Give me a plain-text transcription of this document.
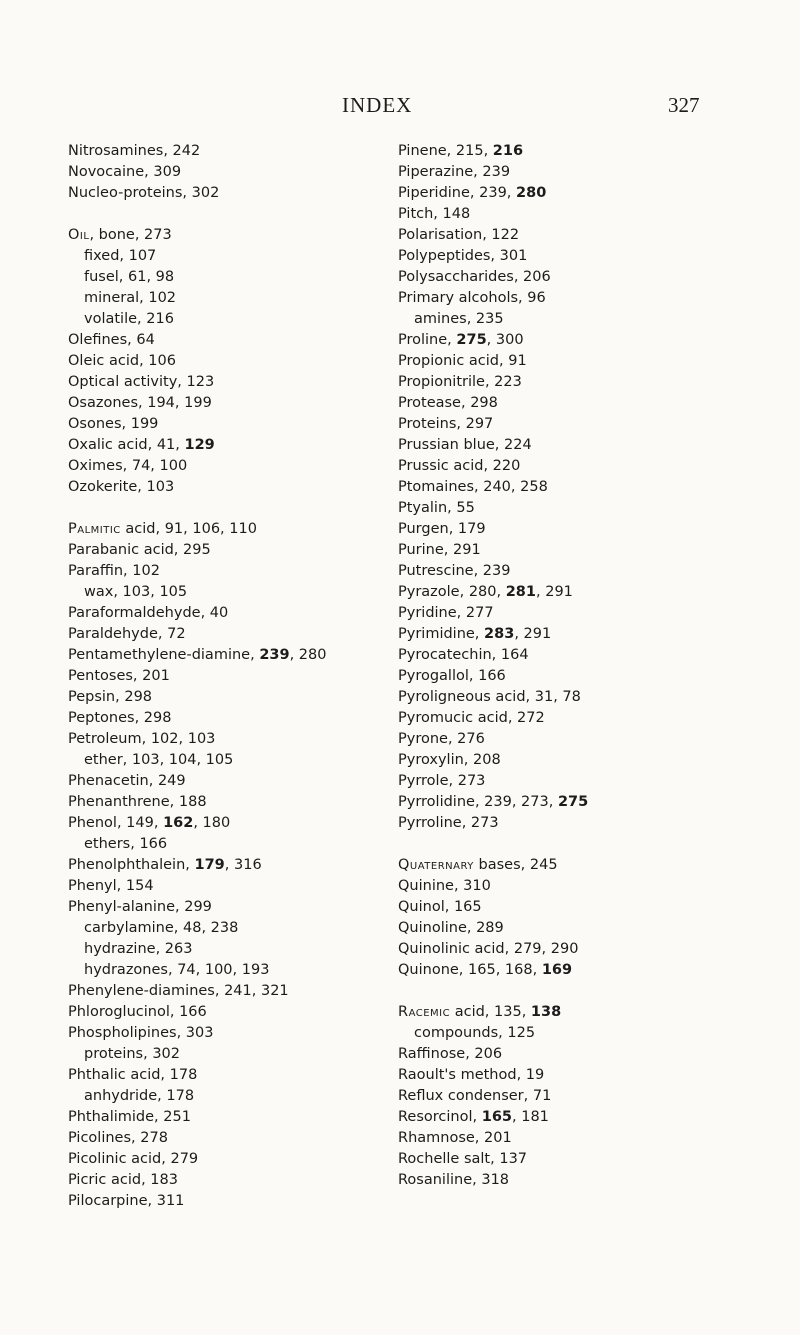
INDEX	327
Nitrosamines, 242
Novocaine, 309
Nucleo-proteins, 302
Oil, bone, 273
fixed, 107
fusel, 61, 98
mineral, 102
volatile, 216
Olefines, 64
Oleic acid, 106
Optical activity, 123
Osazones, 194, 199
Osones, 199
Oxalic acid, 41, 129
Oximes, 74, 100
Ozokerite, 103
Palmitic acid, 91, 106, 110
Parabanic acid, 295
Paraffin, 102
wax, 103, 105
Paraformaldehyde, 40
Paraldehyde, 72
Pentamethylene-diamine, 239, 280
Pentoses, 201
Pepsin, 298
Peptones, 298
Petroleum, 102, 103
ether, 103, 104, 105
Phenacetin, 249
Phenanthrene, 188
Phenol, 149, 162, 180
ethers, 166
Phenolphthalein, 179, 316
Phenyl, 154
Phenyl-alanine, 299
carbylamine, 48, 238
hydrazine, 263
hydrazones, 74, 100, 193
Phenylene-diamines, 241, 321
Phloroglucinol, 166
Phospholipines, 303
proteins, 302
Phthalic acid, 178
anhydride, 178
Phthalimide, 251
Picolines, 278
Picolinic acid, 279
Picric acid, 183
Pilocarpine, 311
Pinene, 215, 216
Piperazine, 239
Piperidine, 239, 280
Pitch, 148
Polarisation, 122
Polypeptides, 301
Polysaccharides, 206
Primary alcohols, 96
amines, 235
Proline, 275, 300
Propionic acid, 91
Propionitrile, 223
Protease, 298
Proteins, 297
Prussian blue, 224
Prussic acid, 220
Ptomaines, 240, 258
Ptyalin, 55
Purgen, 179
Purine, 291
Putrescine, 239
Pyrazole, 280, 281, 291
Pyridine, 277
Pyrimidine, 283, 291
Pyrocatechin, 164
Pyrogallol, 166
Pyroligneous acid, 31, 78
Pyromucic acid, 272
Pyrone, 276
Pyroxylin, 208
Pyrrole, 273
Pyrrolidine, 239, 273, 275
Pyrroline, 273
Quaternary bases, 245
Quinine, 310
Quinol, 165
Quinoline, 289
Quinolinic acid, 279, 290
Quinone, 165, 168, 169
Racemic acid, 135, 138
compounds, 125
Raffinose, 206
Raoult's method, 19
Reflux condenser, 71
Resorcinol, 165, 181
Rhamnose, 201
Rochelle salt, 137
Rosaniline, 318
